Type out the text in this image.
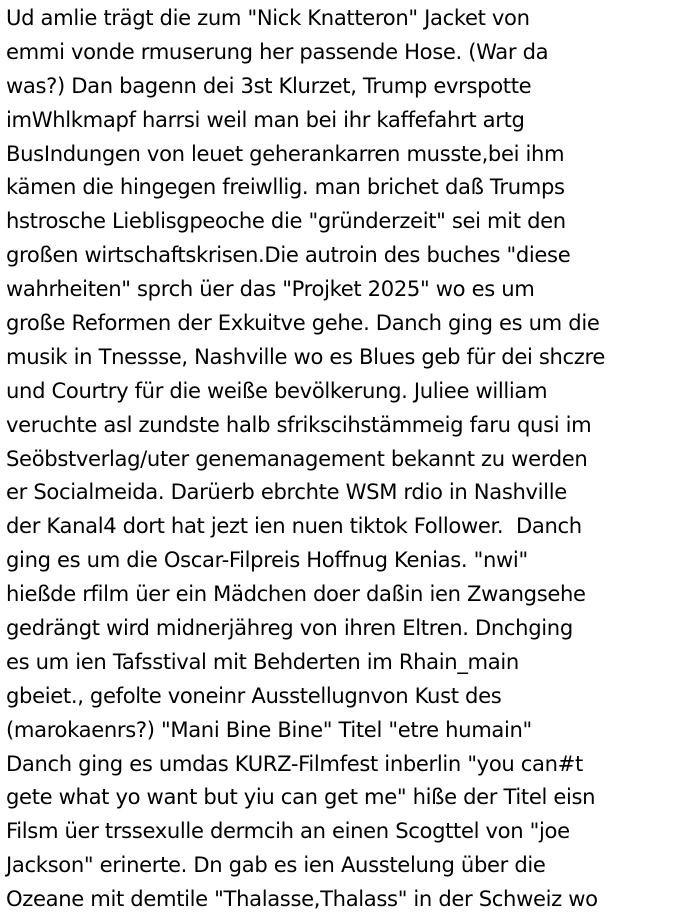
Ud amlie trägt die zum "Nick Knatteron" Jacket von
emmi vonde rmuserung her passende Hose. (War da
was?) Dan bagenn dei 3st Klurzet, Trump evrspotte
imWhlkmapf harrsi weil man bei ihr kaffefahrt artg
BusIndungen von leuet geherankarren musste,bei ihm
kämen die hingegen freiwllig. man brichet daß Trumps
hstrosche Lieblisgpeoche die "gründerzeit" sei mit den
großen wirtschaftskrisen.Die autroin des buches "diese
wahrheiten" sprch üer das "Projket 2025" wo es um
große Reformen der Exkuitve gehe. Danch ging es um die
musik in Tnessse, Nashville wo es Blues geb für dei shczre
und Courtry für die weiße bevölkerung. Juliee william
veruchte asl zundste halb sfrikscihstämmeig faru qusi im
Seöbstverlag/uter genemanagement bekannt zu werden
er Socialmeida. Darüerb ebrchte WSM rdio in Nashville
der Kanal4 dort hat jezt ien nuen tiktok Follower.  Danch
ging es um die Oscar-Filpreis Hoffnug Kenias. "nwi"
hießde rfilm üer ein Mädchen doer daßin ien Zwangsehe
gedrängt wird midnerjähreg von ihren Eltren. Dnchging
es um ien Tafsstival mit Behderten im Rhain_main
gbeiet., gefolte voneinr Ausstellugnvon Kust des
(marokaenrs?) "Mani Bine Bine" Titel "etre humain"
Danch ging es umdas KURZ-Filmfest inberlin "you can#t
gete what yo want but yiu can get me" hiße der Titel eisn
Filsm üer trssexulle dermcih an einen Scogttel von "joe
Jackson" erinerte. Dn gab es ien Ausstelung über die
Ozeane mit demtile "Thalasse,Thalass" in der Schweiz wo
